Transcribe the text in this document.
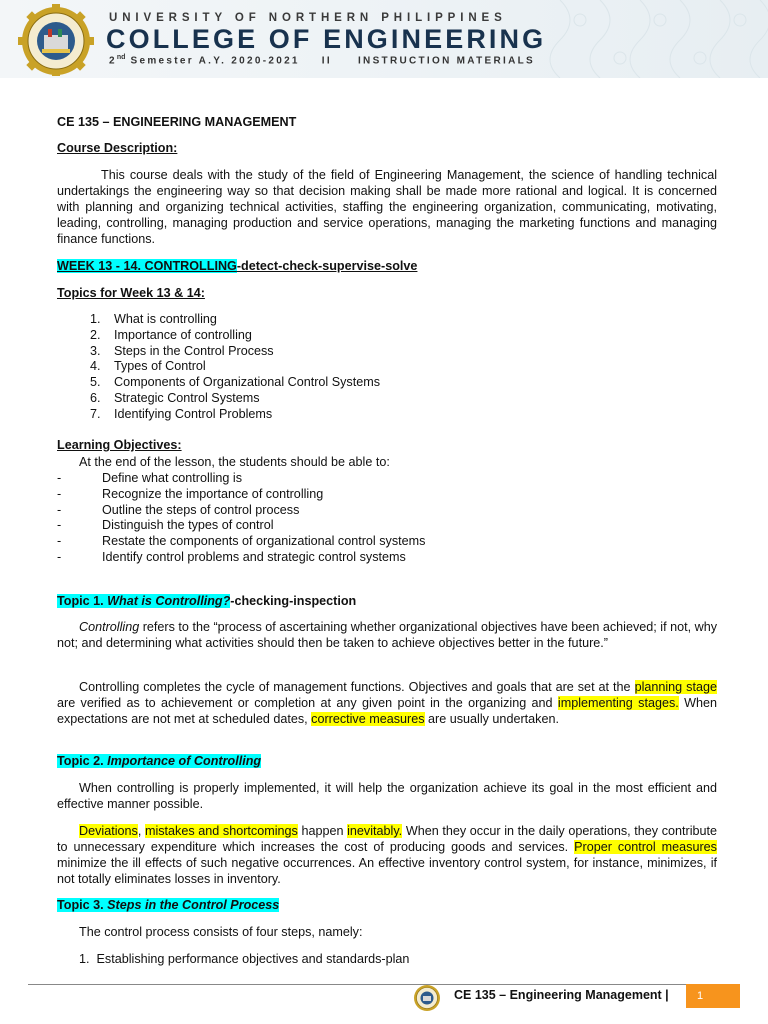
UNIVERSITY OF NORTHERN PHILIPPINES
COLLEGE OF ENGINEERING
2nd Semester A.Y. 2020-2021 II	INSTRUCTION MATERIALS
CE 135 – ENGINEERING MANAGEMENT
Course Description:
This course deals with the study of the field of Engineering Management, the science of handling technical undertakings the engineering way so that decision making shall be made more rational and logical. It is concerned with planning and organizing technical activities, staffing the engineering organization, communicating, motivating, leading, controlling, managing production and service operations, managing the marketing functions and managing finance functions.
WEEK 13 - 14. CONTROLLING-detect-check-supervise-solve
Topics for Week 13 & 14:
1. What is controlling
2. Importance of controlling
3. Steps in the Control Process
4. Types of Control
5. Components of Organizational Control Systems
6. Strategic Control Systems
7. Identifying Control Problems
Learning Objectives:
At the end of the lesson, the students should be able to:
-	Define what controlling is
-	Recognize the importance of controlling
-	Outline the steps of control process
-	Distinguish the types of control
-	Restate the components of organizational control systems
-	Identify control problems and strategic control systems
Topic 1. What is Controlling?-checking-inspection
Controlling refers to the “process of ascertaining whether organizational objectives have been achieved; if not, why not; and determining what activities should then be taken to achieve objectives better in the future.”
Controlling completes the cycle of management functions. Objectives and goals that are set at the planning stage are verified as to achievement or completion at any given point in the organizing and implementing stages. When expectations are not met at scheduled dates, corrective measures are usually undertaken.
Topic 2. Importance of Controlling
When controlling is properly implemented, it will help the organization achieve its goal in the most efficient and effective manner possible.
Deviations, mistakes and shortcomings happen inevitably. When they occur in the daily operations, they contribute to unnecessary expenditure which increases the cost of producing goods and services. Proper control measures minimize the ill effects of such negative occurrences. An effective inventory control system, for instance, minimizes, if not totally eliminates losses in inventory.
Topic 3. Steps in the Control Process
The control process consists of four steps, namely:
1. Establishing performance objectives and standards-plan
CE 135 – Engineering Management |	1
